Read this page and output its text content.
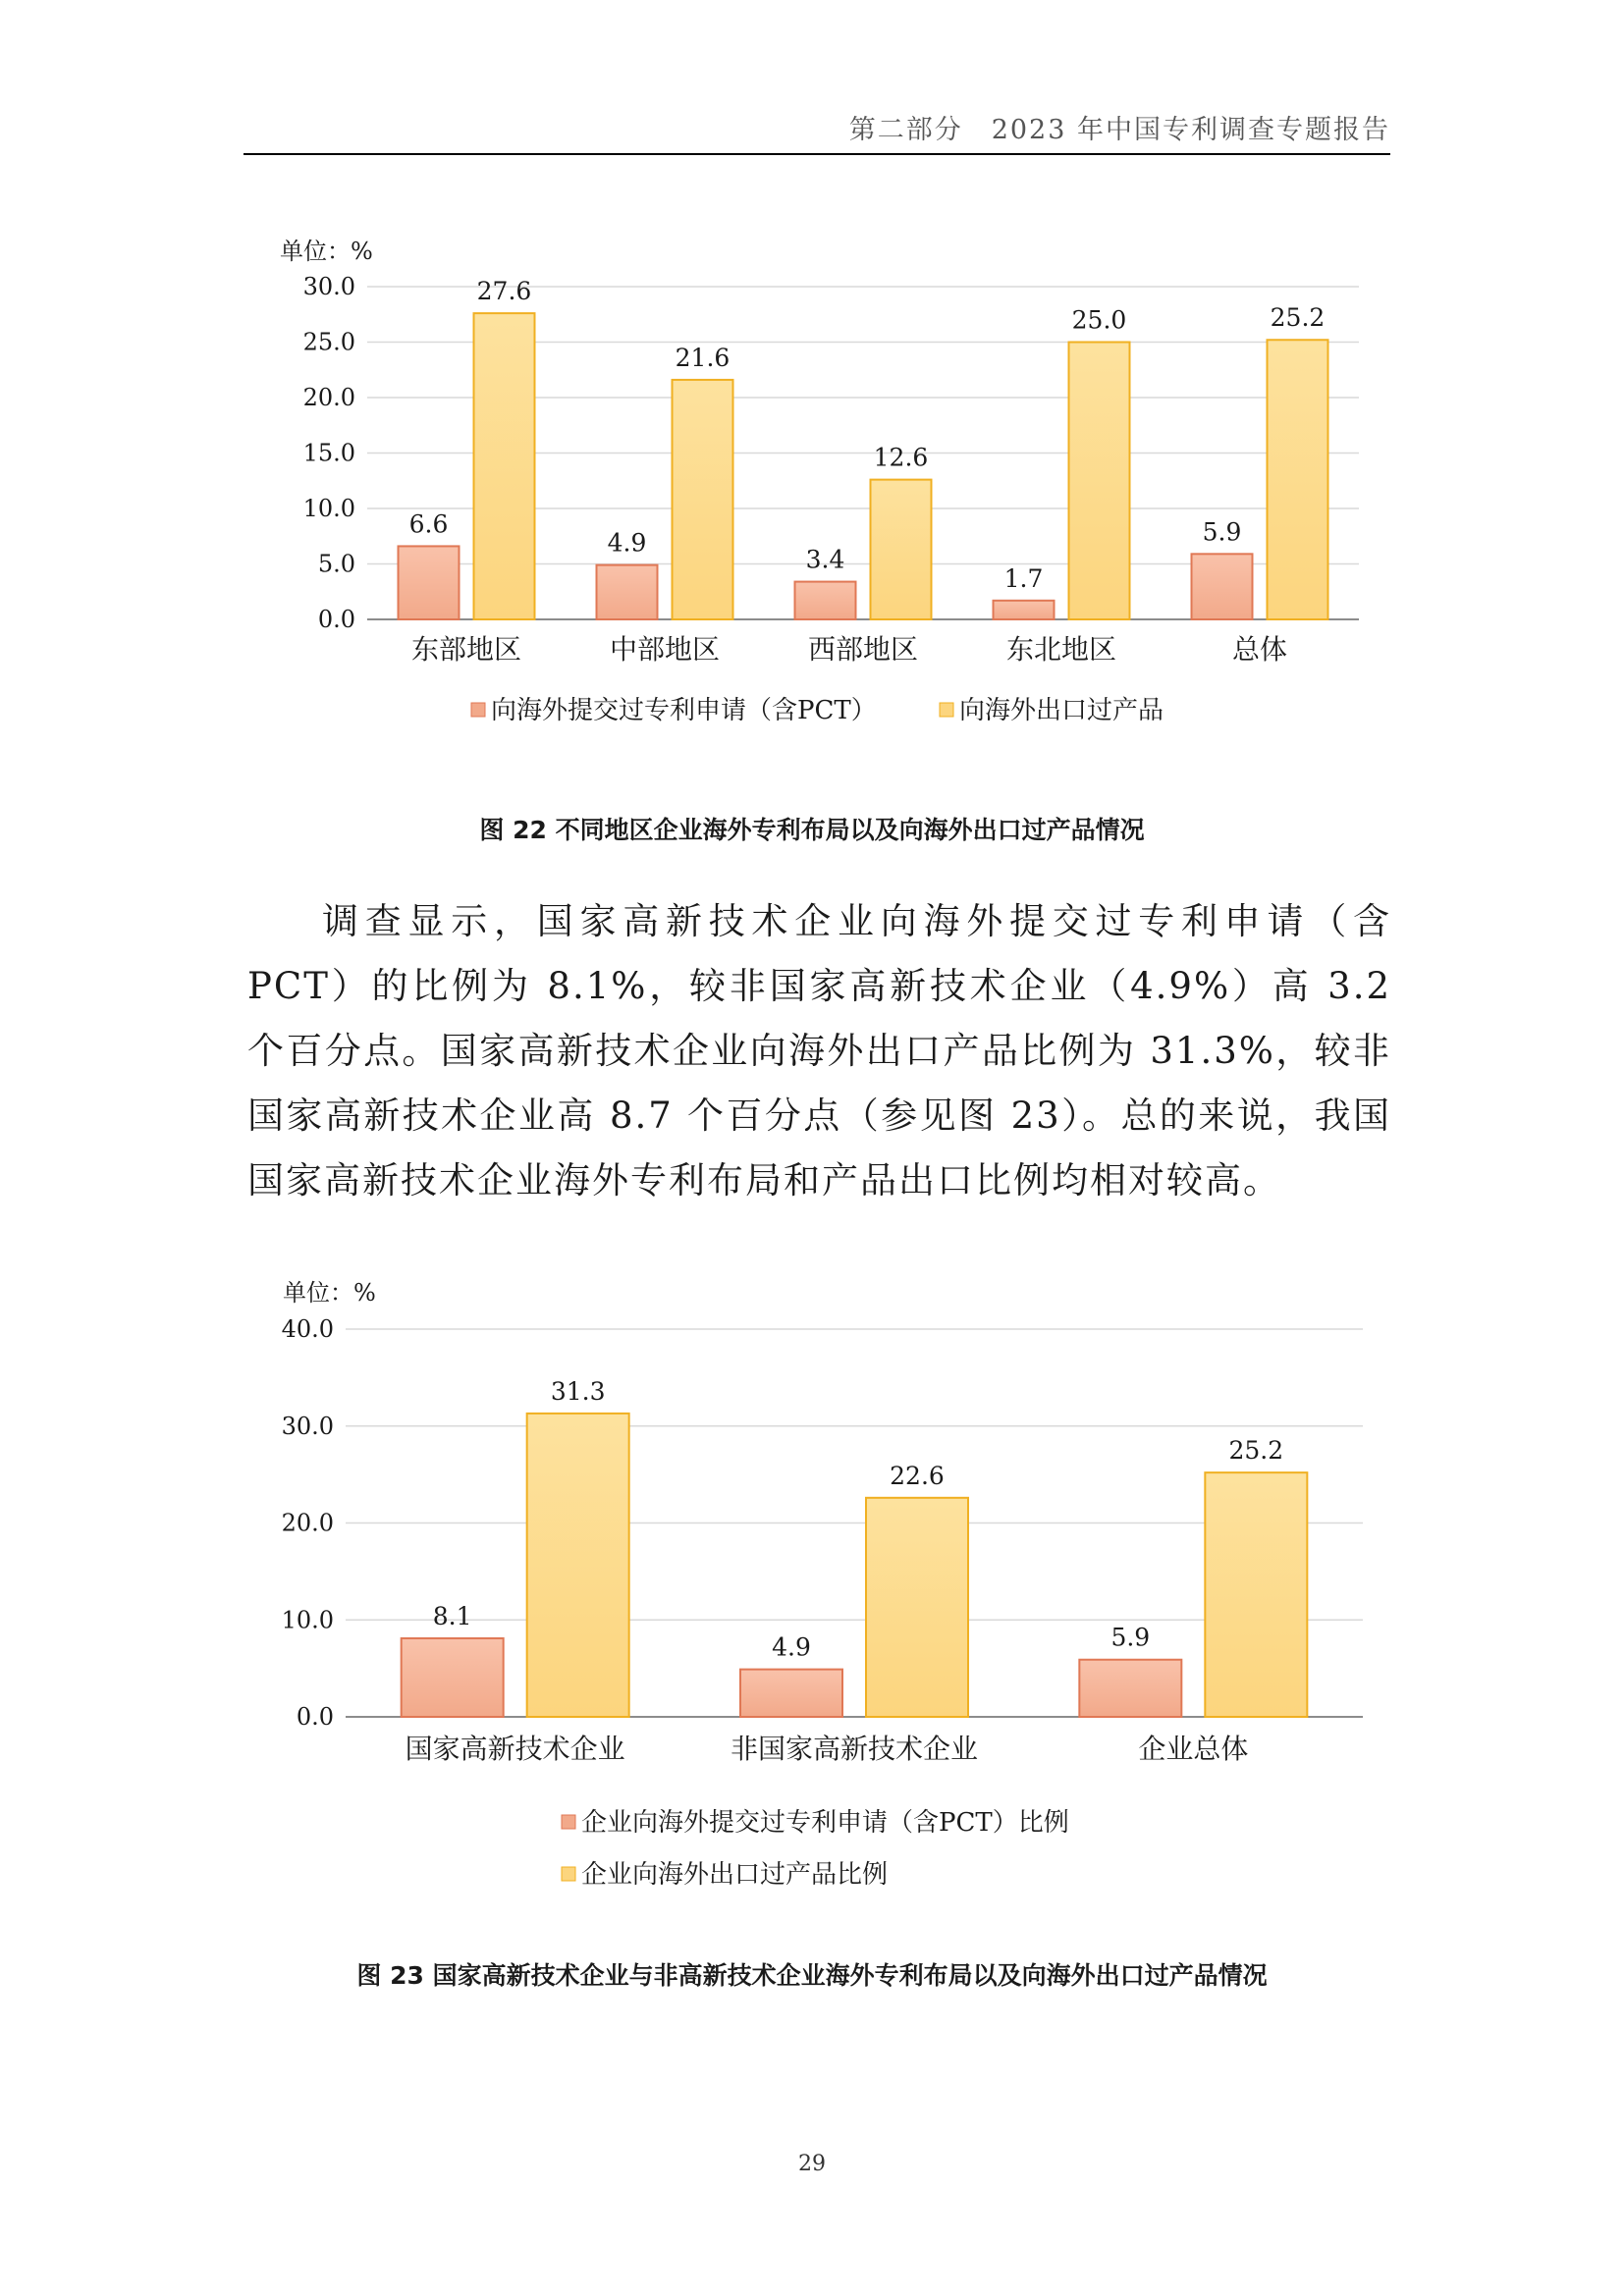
第二部分　2023 年中国专利调查专题报告
单位：%
0.0
5.0
10.0
15.0
20.0
25.0
30.0
6.6
27.6
东部地区
4.9
21.6
中部地区
3.4
12.6
西部地区
1.7
25.0
东北地区
5.9
25.2
总体
向海外提交过专利申请（含PCT）	向海外出口过产品
图 22 不同地区企业海外专利布局以及向海外出口过产品情况
调查显示，国家高新技术企业向海外提交过专利申请（含 PCT）的比例为 8.1%，较非国家高新技术企业（4.9%）高 3.2 个百分点。国家高新技术企业向海外出口产品比例为 31.3%，较非国家高新技术企业高 8.7 个百分点（参见图 23）。总的来说，我国国家高新技术企业海外专利布局和产品出口比例均相对较高。
单位：%
0.0
10.0
20.0
30.0
40.0
8.1
31.3
国家高新技术企业
4.9
22.6
非国家高新技术企业
5.9
25.2
企业总体
企业向海外提交过专利申请（含PCT）比例
企业向海外出口过产品比例
图 23 国家高新技术企业与非高新技术企业海外专利布局以及向海外出口过产品情况
29
